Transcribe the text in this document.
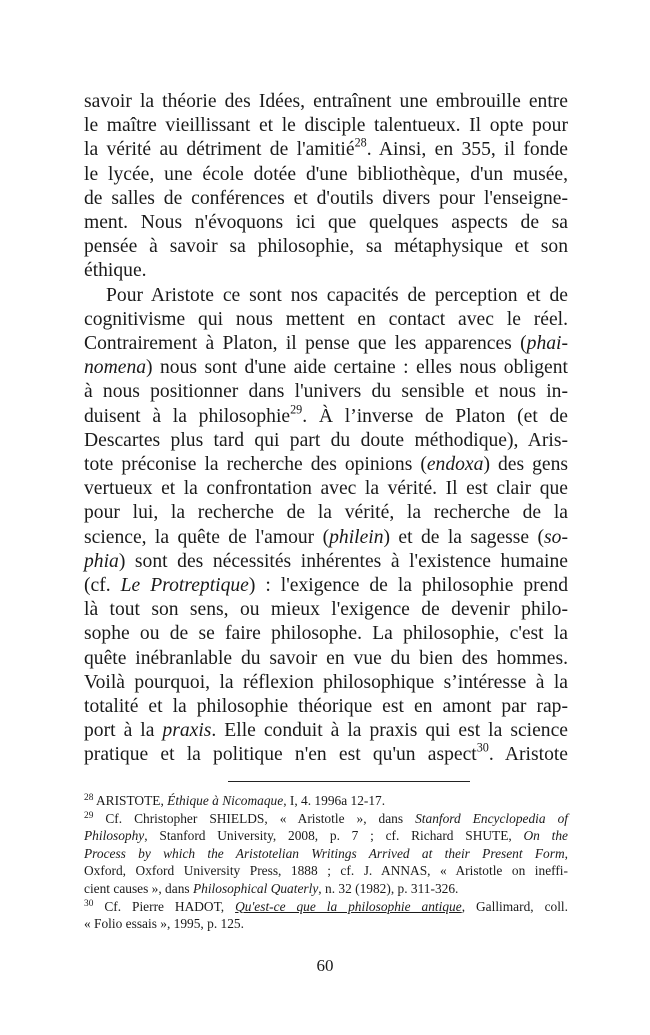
savoir la théorie des Idées, entraînent une embrouille entre
le maître vieillissant et le disciple talentueux. Il opte pour
la vérité au détriment de l'amitié$^{28}$. Ainsi, en 355, il fonde
le lycée, une école dotée d'une bibliothèque, d'un musée,
de salles de conférences et d'outils divers pour l'enseigne-
ment. Nous n'évoquons ici que quelques aspects de sa
pensée à savoir sa philosophie, sa métaphysique et son
éthique.
Pour Aristote ce sont nos capacités de perception et de
cognitivisme qui nous mettent en contact avec le réel.
Contrairement à Platon, il pense que les apparences (phai-
nomena) nous sont d'une aide certaine : elles nous obligent
à nous positionner dans l'univers du sensible et nous in-
duisent à la philosophie$^{29}$. À l’inverse de Platon (et de
Descartes plus tard qui part du doute méthodique), Aris-
tote préconise la recherche des opinions (endoxa) des gens
vertueux et la confrontation avec la vérité. Il est clair que
pour lui, la recherche de la vérité, la recherche de la
science, la quête de l'amour (philein) et de la sagesse (so-
phia) sont des nécessités inhérentes à l'existence humaine
(cf. Le Protreptique) : l'exigence de la philosophie prend
là tout son sens, ou mieux l'exigence de devenir philo-
sophe ou de se faire philosophe. La philosophie, c'est la
quête inébranlable du savoir en vue du bien des hommes.
Voilà pourquoi, la réflexion philosophique s’intéresse à la
totalité et la philosophie théorique est en amont par rap-
port à la praxis. Elle conduit à la praxis qui est la science
pratique et la politique n'en est qu'un aspect$^{30}$. Aristote
$^{28}$ ARISTOTE, Éthique à Nicomaque, I, 4. 1996a 12-17.
$^{29}$ Cf. Christopher SHIELDS, « Aristotle », dans Stanford Encyclopedia of
Philosophy, Stanford University, 2008, p. 7 ; cf. Richard SHUTE, On the
Process by which the Aristotelian Writings Arrived at their Present Form,
Oxford, Oxford University Press, 1888 ; cf. J. ANNAS, « Aristotle on ineffi-
cient causes », dans Philosophical Quaterly, n. 32 (1982), p. 311-326.
$^{30}$ Cf. Pierre HADOT, Qu'est-ce que la philosophie antique, Gallimard, coll.
« Folio essais », 1995, p. 125.
60
